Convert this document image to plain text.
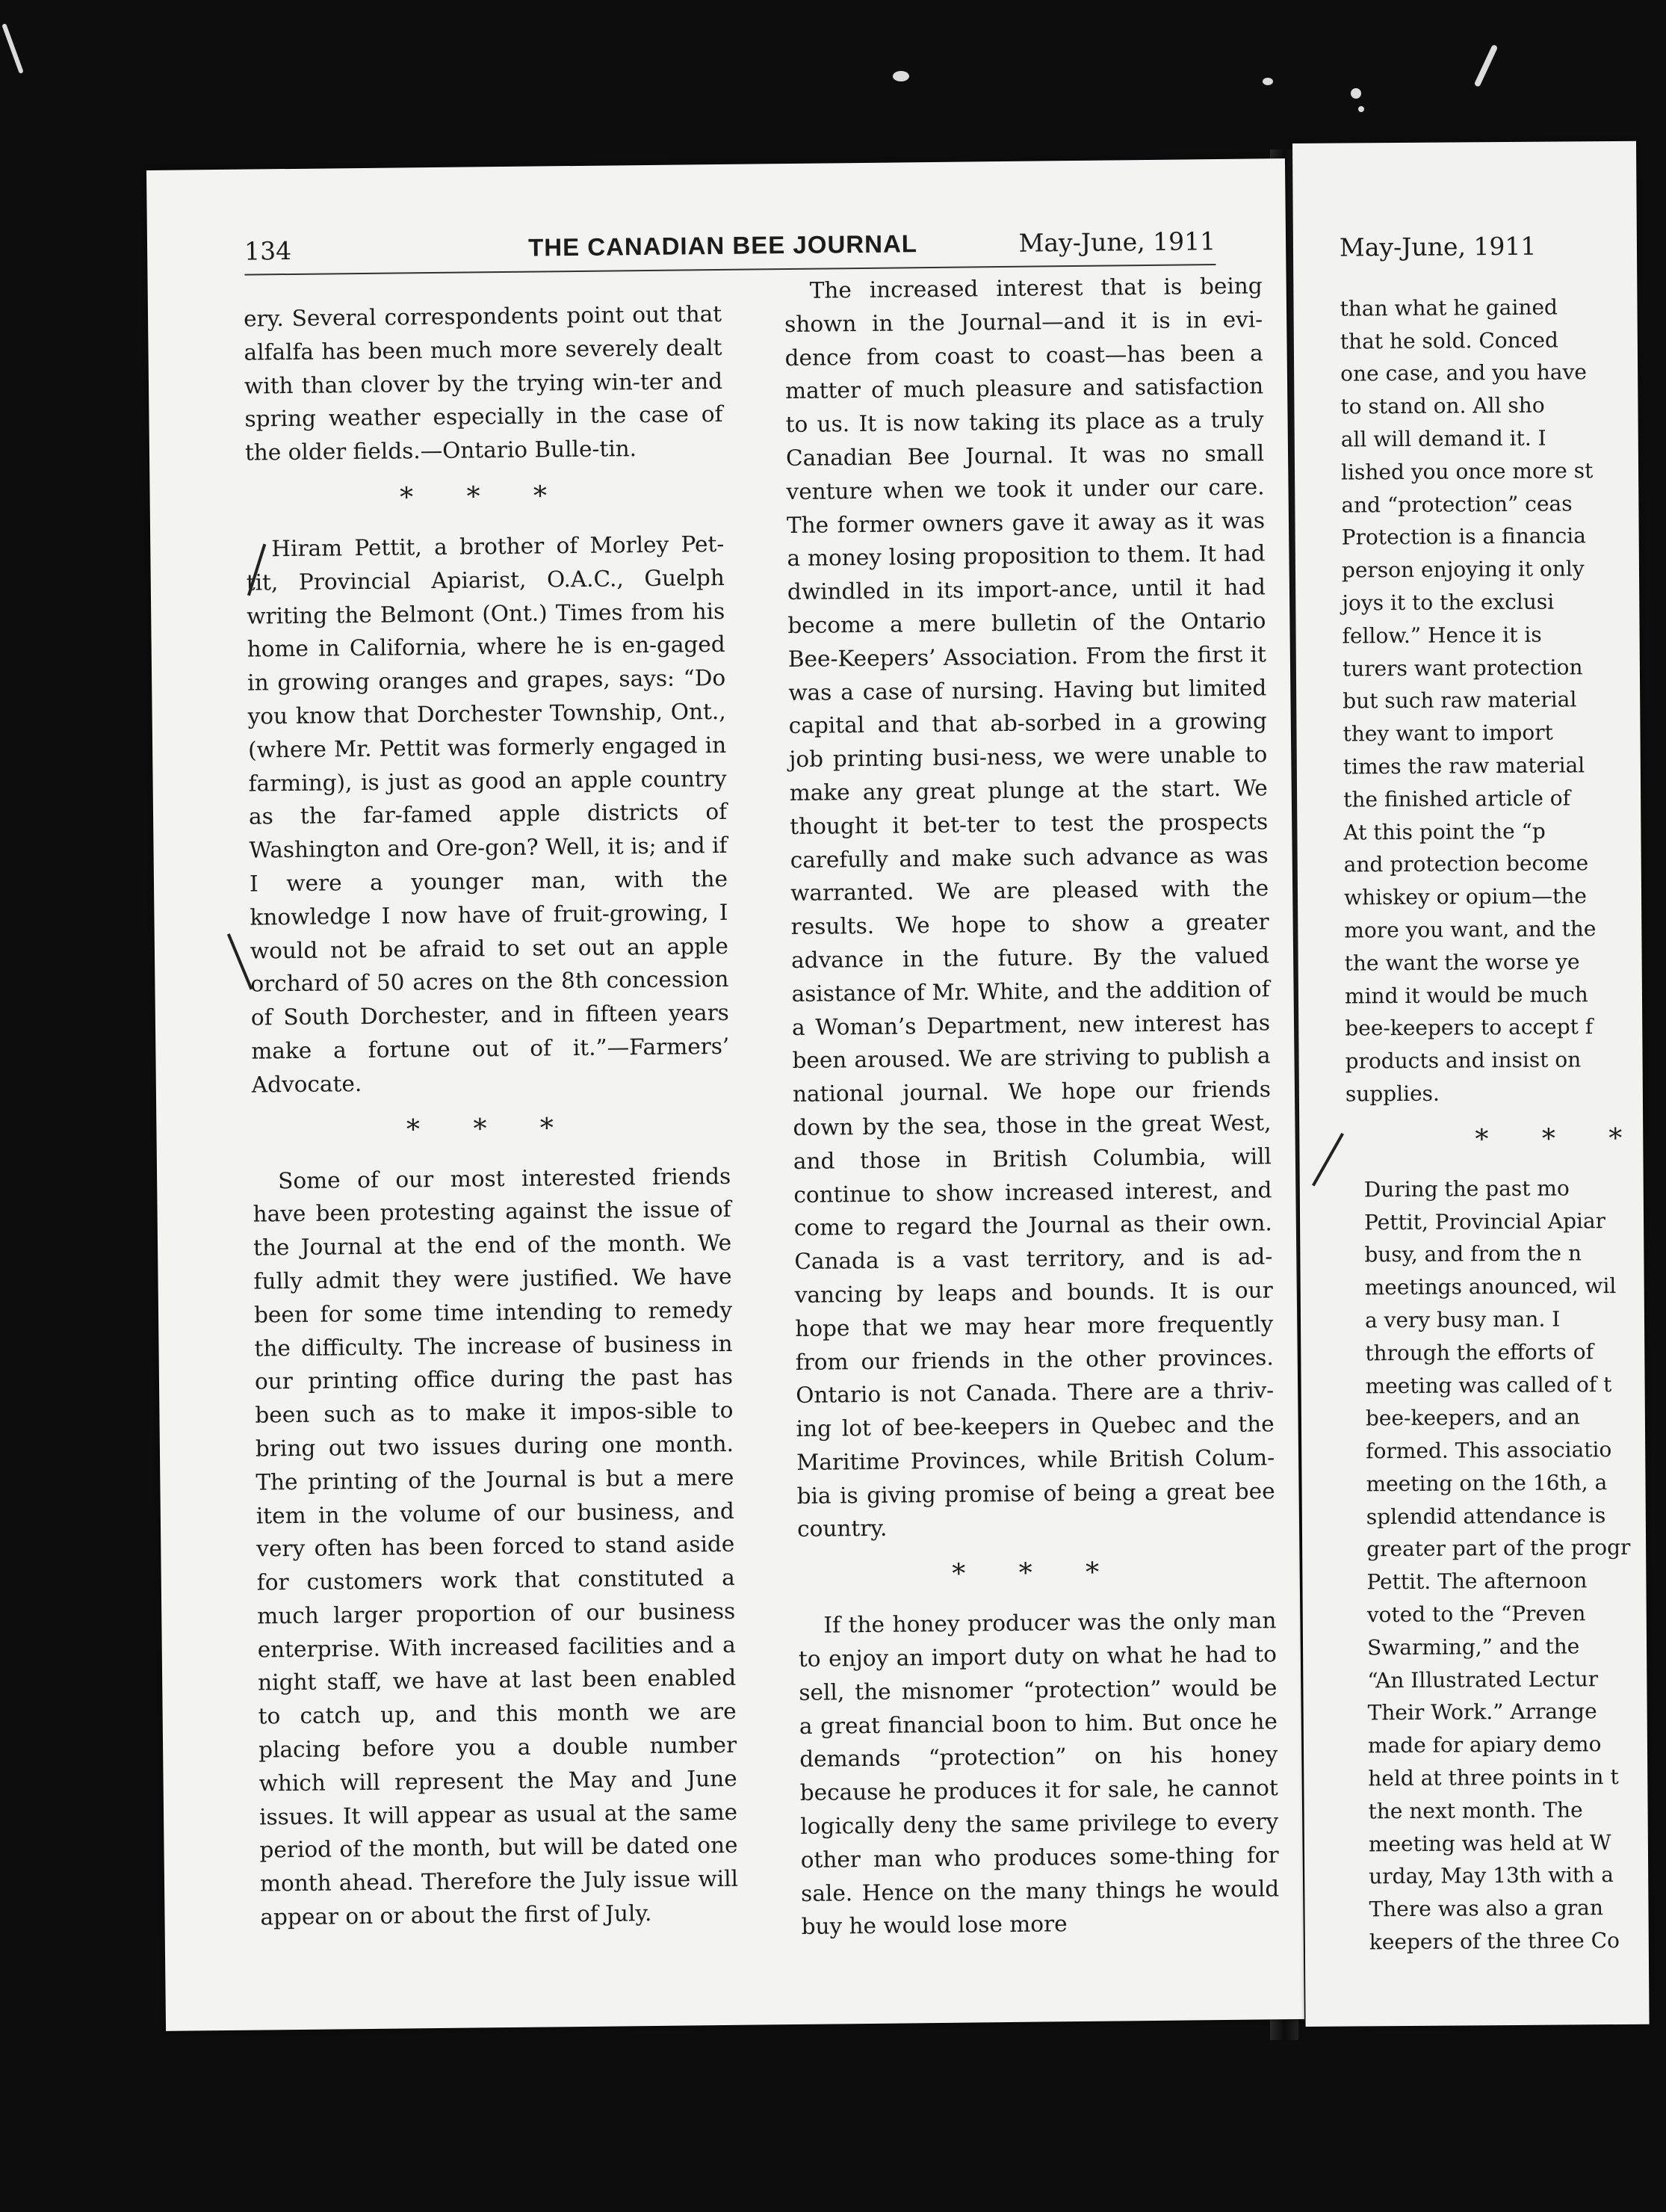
134	THE CANADIAN BEE JOURNAL	May-June, 1911

ery. Several correspondents point out that alfalfa has been much more severely dealt with than clover by the trying win-ter and spring weather especially in the case of the older fields.—Ontario Bulle-tin.

* * *

Hiram Pettit, a brother of Morley Pet-tit, Provincial Apiarist, O.A.C., Guelph writing the Belmont (Ont.) Times from his home in California, where he is en-gaged in growing oranges and grapes, says: “Do you know that Dorchester Township, Ont., (where Mr. Pettit was formerly engaged in farming), is just as good an apple country as the far-famed apple districts of Washington and Ore-gon? Well, it is; and if I were a younger man, with the knowledge I now have of fruit-growing, I would not be afraid to set out an apple orchard of 50 acres on the 8th concession of South Dorchester, and in fifteen years make a fortune out of it.”—Farmers’ Advocate.

* * *

Some of our most interested friends have been protesting against the issue of the Journal at the end of the month. We fully admit they were justified. We have been for some time intending to remedy the difficulty. The increase of business in our printing office during the past has been such as to make it impos-sible to bring out two issues during one month. The printing of the Journal is but a mere item in the volume of our business, and very often has been forced to stand aside for customers work that constituted a much larger proportion of our business enterprise. With increased facilities and a night staff, we have at last been enabled to catch up, and this month we are placing before you a double number which will represent the May and June issues. It will appear as usual at the same period of the month, but will be dated one month ahead. Therefore the July issue will appear on or about the first of July.

The increased interest that is being shown in the Journal—and it is in evi-dence from coast to coast—has been a matter of much pleasure and satisfaction to us. It is now taking its place as a truly Canadian Bee Journal. It was no small venture when we took it under our care. The former owners gave it away as it was a money losing proposition to them. It had dwindled in its import-ance, until it had become a mere bulletin of the Ontario Bee-Keepers’ Association. From the first it was a case of nursing. Having but limited capital and that ab-sorbed in a growing job printing busi-ness, we were unable to make any great plunge at the start. We thought it bet-ter to test the prospects carefully and make such advance as was warranted. We are pleased with the results. We hope to show a greater advance in the future. By the valued asistance of Mr. White, and the addition of a Woman’s Department, new interest has been aroused. We are striving to publish a national journal. We hope our friends down by the sea, those in the great West, and those in British Columbia, will continue to show increased interest, and come to regard the Journal as their own. Canada is a vast territory, and is ad-vancing by leaps and bounds. It is our hope that we may hear more frequently from our friends in the other provinces. Ontario is not Canada. There are a thriv-ing lot of bee-keepers in Quebec and the Maritime Provinces, while British Colum-bia is giving promise of being a great bee country.

* * *

If the honey producer was the only man to enjoy an import duty on what he had to sell, the misnomer “protection” would be a great financial boon to him. But once he demands “protection” on his honey because he produces it for sale, he cannot logically deny the same privilege to every other man who produces some-thing for sale. Hence on the many things he would buy he would lose more

May-June, 1911
than what he gained
that he sold. Conced
one case, and you have
to stand on. All sho
all will demand it. I
lished you once more st
and “protection” ceas
Protection is a financia
person enjoying it only
joys it to the exclusi
fellow.” Hence it is
turers want protection
but such raw material
they want to import
times the raw material
the finished article of
At this point the “p
and protection become
whiskey or opium—the
more you want, and the
the want the worse ye
mind it would be much
bee-keepers to accept f
products and insist on
supplies.
* * *
During the past mo
Pettit, Provincial Apiar
busy, and from the n
meetings anounced, wil
a very busy man. I
through the efforts of
meeting was called of t
bee-keepers, and an
formed. This associatio
meeting on the 16th, a
splendid attendance is
greater part of the progr
Pettit. The afternoon
voted to the “Preven
Swarming,” and the
“An Illustrated Lectur
Their Work.” Arrange
made for apiary demo
held at three points in t
the next month. The
meeting was held at W
urday, May 13th with a
There was also a gran
keepers of the three Co
